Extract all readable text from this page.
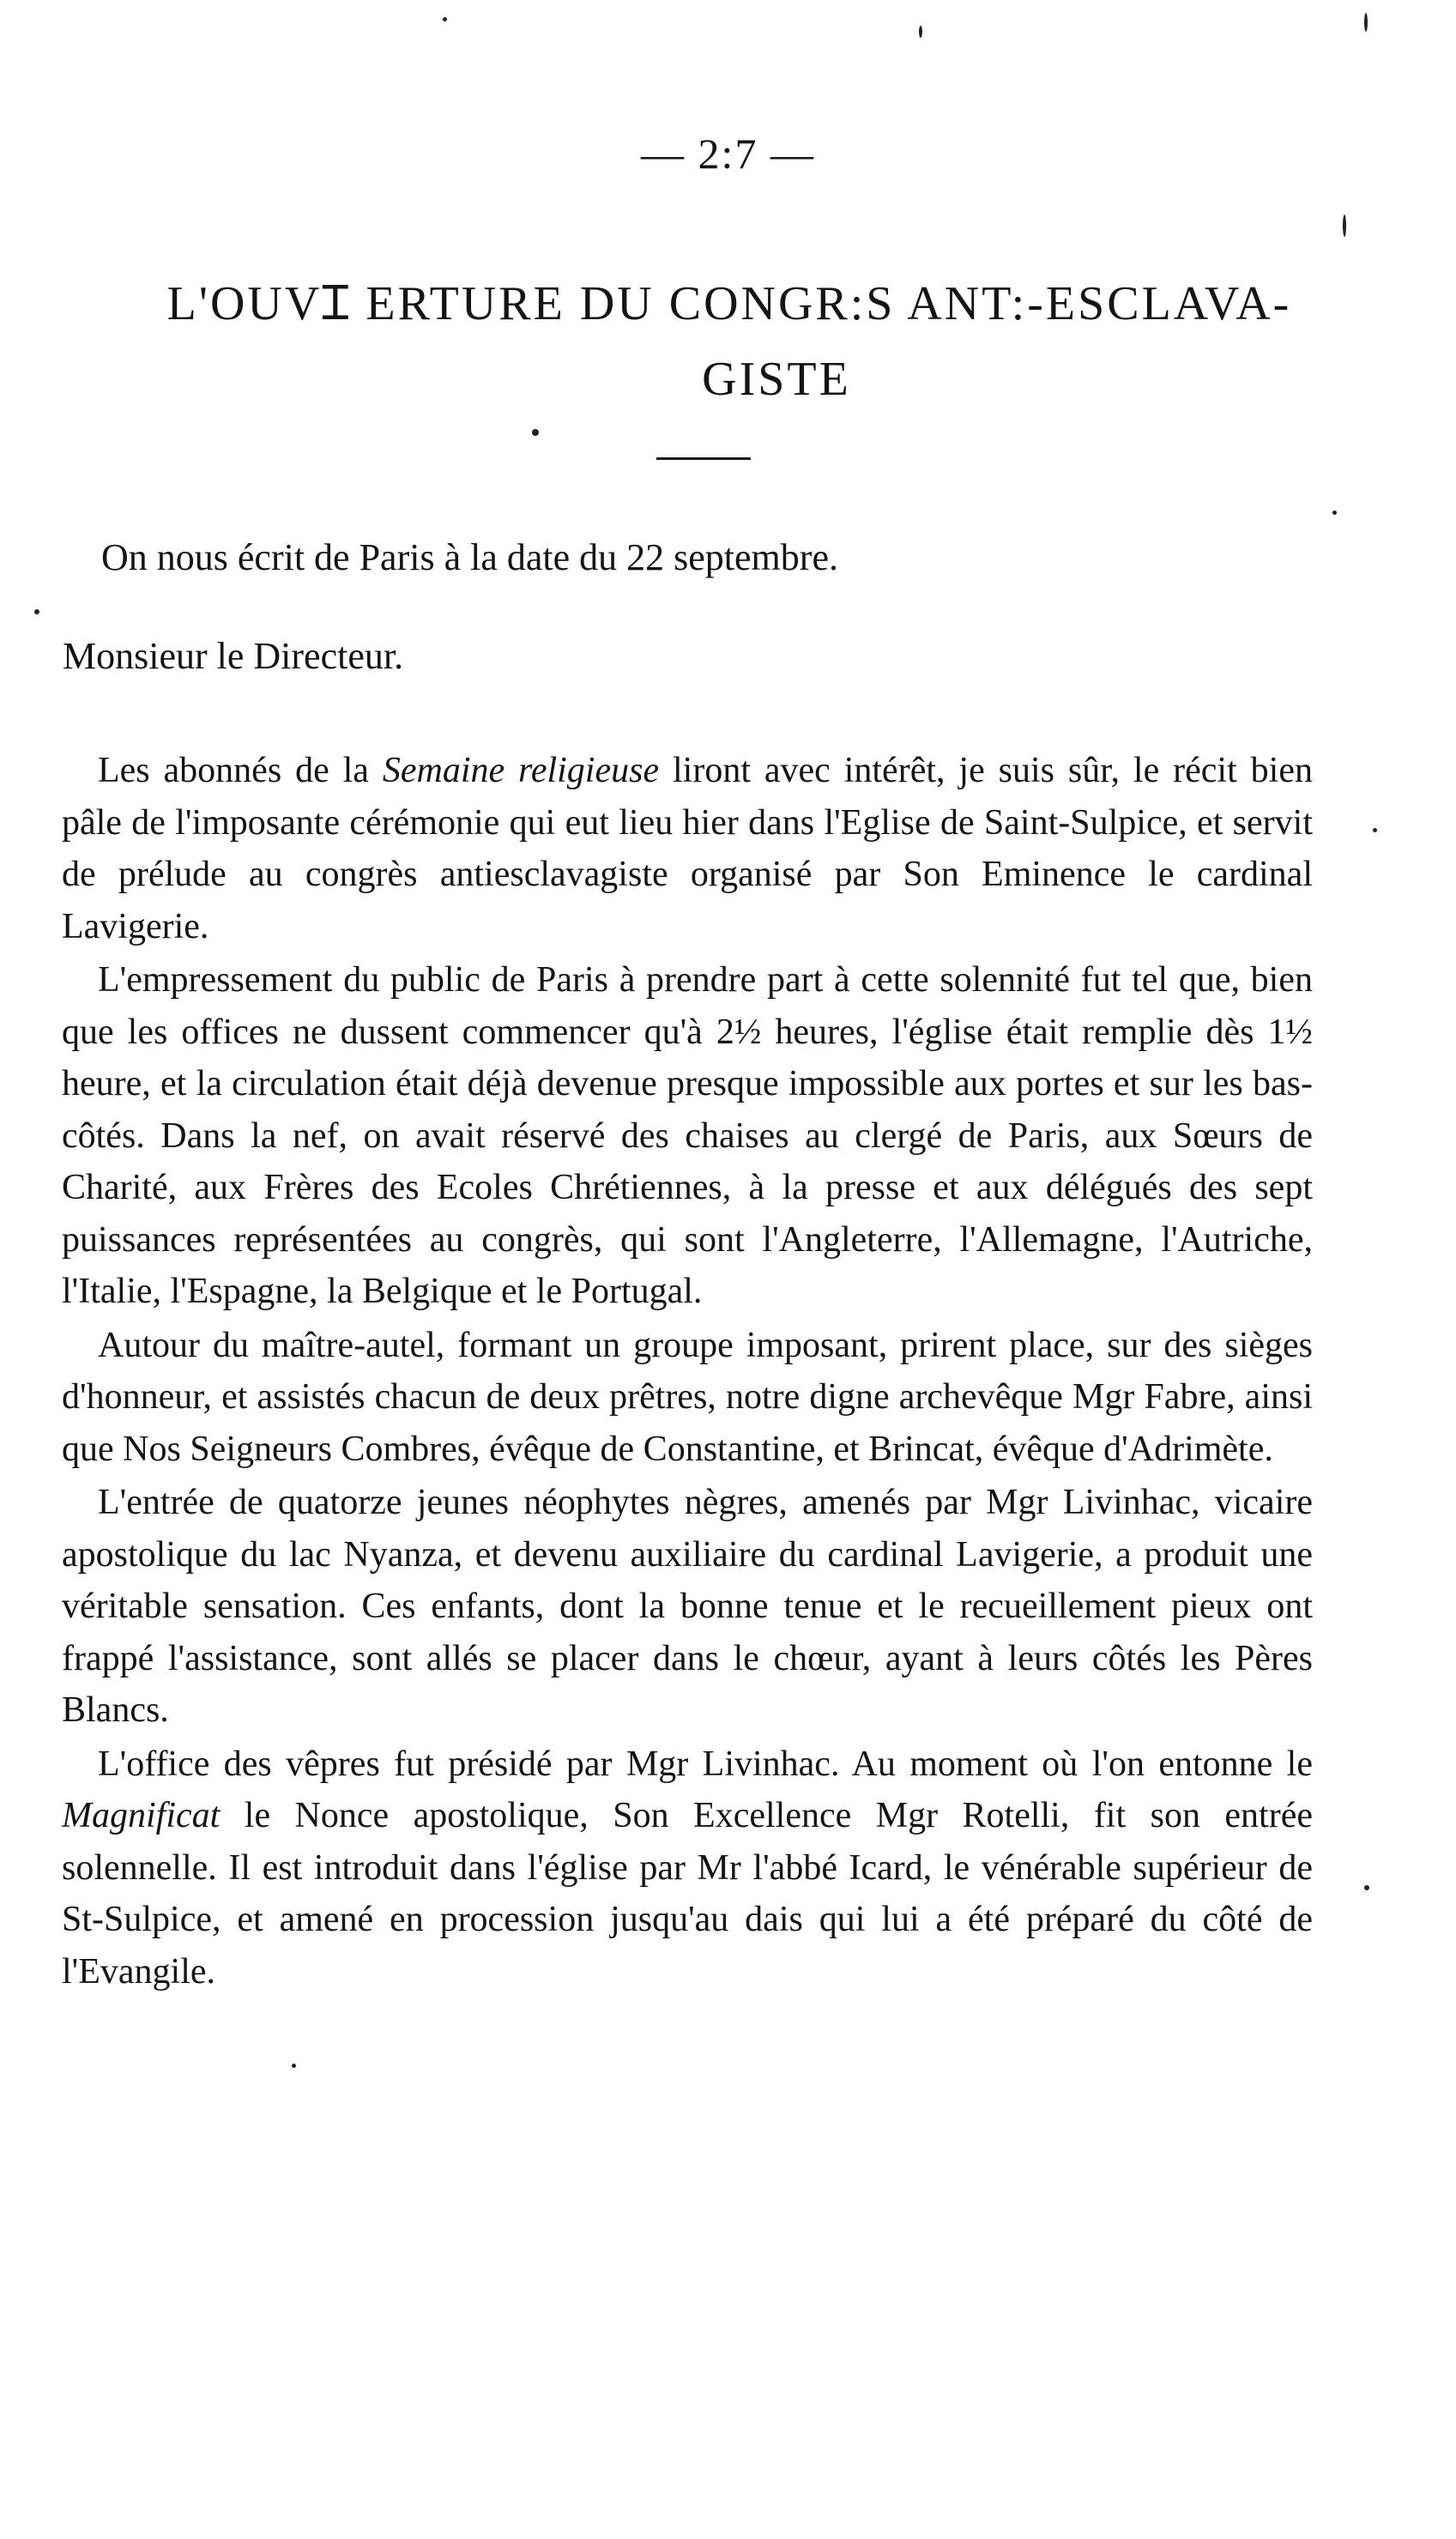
— 2:7 —
L'OUVꞮ ERTURE DU CONGR:S ANT:-ESCLAVA-
GISTE
On nous écrit de Paris à la date du 22 septembre.
Monsieur le Directeur.

Les abonnés de la Semaine religieuse liront avec intérêt, je suis sûr, le récit bien pâle de l'imposante cérémonie qui eut lieu hier dans l'Eglise de Saint-Sulpice, et servit de prélude au congrès antiesclavagiste organisé par Son Eminence le cardinal Lavigerie.

L'empressement du public de Paris à prendre part à cette solennité fut tel que, bien que les offices ne dussent commencer qu'à 2½ heures, l'église était remplie dès 1½ heure, et la circulation était déjà devenue presque impossible aux portes et sur les bas-côtés. Dans la nef, on avait réservé des chaises au clergé de Paris, aux Sœurs de Charité, aux Frères des Ecoles Chrétiennes, à la presse et aux délégués des sept puissances représentées au congrès, qui sont l'Angleterre, l'Allemagne, l'Autriche, l'Italie, l'Espagne, la Belgique et le Portugal.

Autour du maître-autel, formant un groupe imposant, prirent place, sur des sièges d'honneur, et assistés chacun de deux prêtres, notre digne archevêque Mgr Fabre, ainsi que Nos Seigneurs Combres, évêque de Constantine, et Brincat, évêque d'Adrimète.

L'entrée de quatorze jeunes néophytes nègres, amenés par Mgr Livinhac, vicaire apostolique du lac Nyanza, et devenu auxiliaire du cardinal Lavigerie, a produit une véritable sensation. Ces enfants, dont la bonne tenue et le recueillement pieux ont frappé l'assistance, sont allés se placer dans le chœur, ayant à leurs côtés les Pères Blancs.

L'office des vêpres fut présidé par Mgr Livinhac. Au moment où l'on entonne le Magnificat le Nonce apostolique, Son Excellence Mgr Rotelli, fit son entrée solennelle. Il est introduit dans l'église par Mr l'abbé Icard, le vénérable supérieur de St-Sulpice, et amené en procession jusqu'au dais qui lui a été préparé du côté de l'Evangile.
